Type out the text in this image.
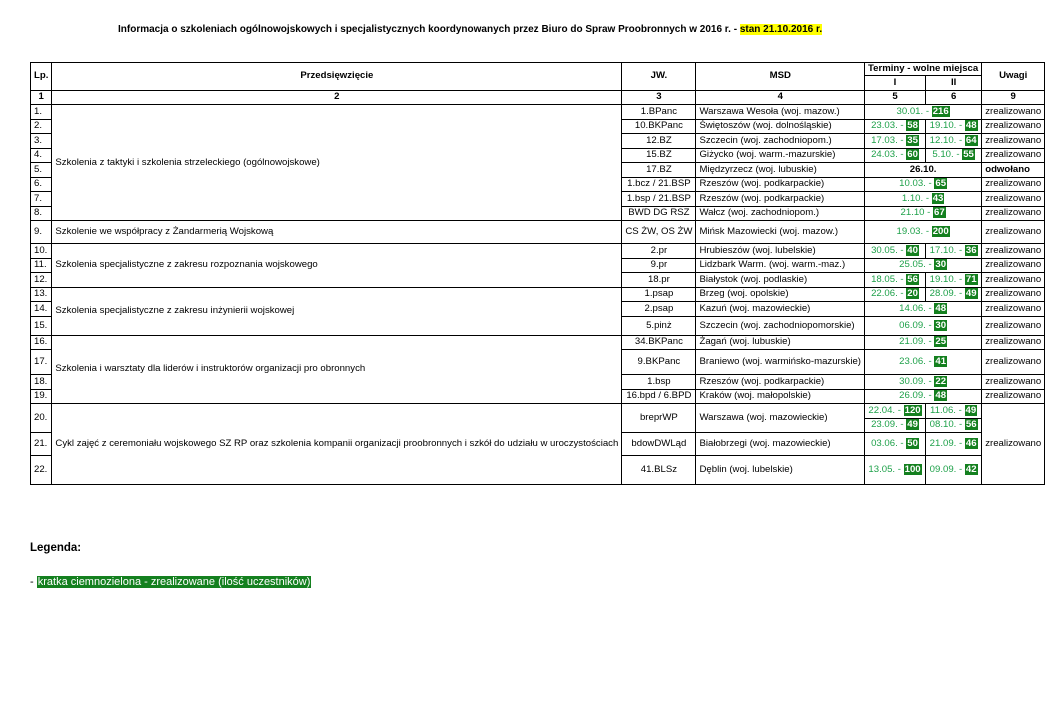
Informacja o szkoleniach ogólnowojskowych i specjalistycznych koordynowanych przez Biuro do Spraw Proobronnych w 2016 r. - stan 21.10.2016 r.
Lp.	Przedsięwzięcie	JW.	MSD	Terminy - wolne miejsca		Uwagi
				I	II	
1	2	3	4	5	6	9
1.	Szkolenia z taktyki i szkolenia strzeleckiego (ogólnowojskowe)	1.BPanc	Warszawa Wesoła (woj. mazow.)	30.01. - 216		zrealizowano
2.		10.BKPanc	Świętoszów (woj. dolnośląskie)	23.03. - 58	19.10. - 48	zrealizowano
3.		12.BZ	Szczecin (woj. zachodniopom.)	17.03. - 35	12.10. - 64	zrealizowano
4.		15.BZ	Giżycko (woj. warm.-mazurskie)	24.03. - 60	5.10. - 55	zrealizowano
5.		17.BZ	Międzyrzecz (woj. lubuskie)	26.10.		odwołano
6.		1.bcz / 21.BSP	Rzeszów (woj. podkarpackie)	10.03. - 65		zrealizowano
7.		1.bsp / 21.BSP	Rzeszów (woj. podkarpackie)	1.10. - 43		zrealizowano
8.		BWD DG RSZ	Wałcz (woj. zachodniopom.)	21.10 - 67		zrealizowano
9.	Szkolenie we współpracy z Żandarmerią Wojskową	CS ŻW, OS ŻW	Mińsk Mazowiecki (woj. mazow.)	19.03. - 200		zrealizowano
10.	Szkolenia specjalistyczne z zakresu rozpoznania wojskowego	2.pr	Hrubieszów (woj. lubelskie)	30.05. - 40	17.10. - 36	zrealizowano
11.		9.pr	Lidzbark Warm. (woj. warm.-maz.)	25.05. - 30		zrealizowano
12.		18.pr	Białystok (woj. podlaskie)	18.05. - 56	19.10. - 71	zrealizowano
13.	Szkolenia specjalistyczne z zakresu inżynierii wojskowej	1.psap	Brzeg (woj. opolskie)	22.06. - 20	28.09. - 49	zrealizowano
14.		2.psap	Kazuń (woj. mazowieckie)	14.06. - 48		zrealizowano
15.		5.pinż	Szczecin (woj. zachodniopomorskie)	06.09. - 30		zrealizowano
16.	Szkolenia i warsztaty dla liderów i instruktorów organizacji pro obronnych	34.BKPanc	Żagań (woj. lubuskie)	21.09. - 25		zrealizowano
17.		9.BKPanc	Braniewo (woj. warmińsko-mazurskie)	23.06. - 41		zrealizowano
18.		1.bsp	Rzeszów (woj. podkarpackie)	30.09. - 22		zrealizowano
19.		16.bpd / 6.BPD	Kraków (woj. małopolskie)	26.09. - 48		zrealizowano
20.	Cykl zajęć z ceremoniału wojskowego SZ RP oraz szkolenia kompanii organizacji proobronnych i szkół do udziału w uroczystościach	breprWP	Warszawa (woj. mazowieckie)	22.04. - 120	11.06. - 49	zrealizowano
				23.09. - 49	08.10. - 56	
21.		bdowDWLąd	Białobrzegi (woj. mazowieckie)	03.06. - 50	21.09. - 46	
22.		41.BLSz	Dęblin (woj. lubelskie)	13.05. - 100	09.09. - 42	
Legenda:
- kratka ciemnozielona - zrealizowane (ilość uczestników)
